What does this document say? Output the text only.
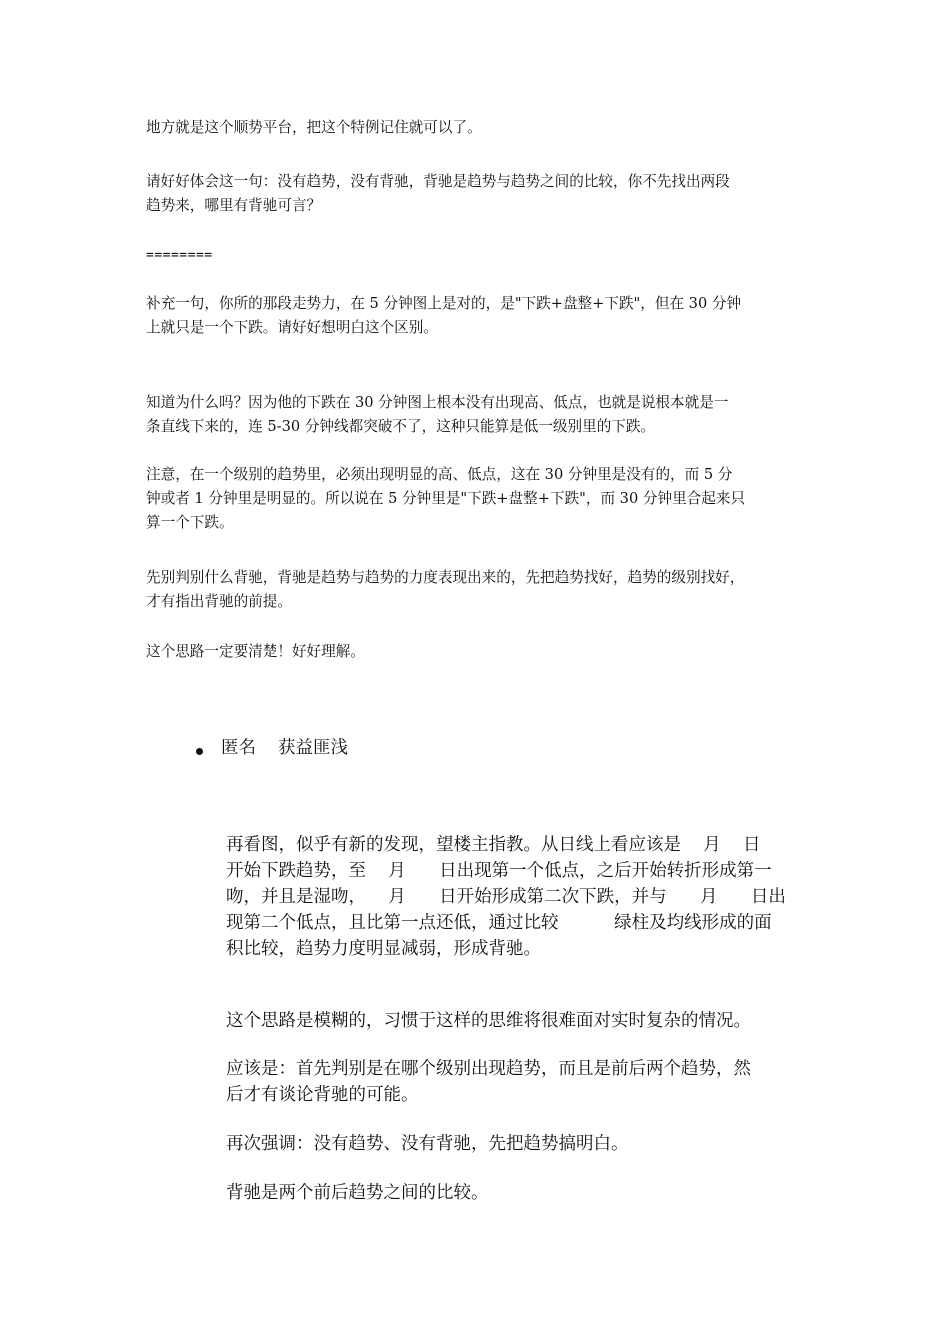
地方就是这个顺势平台，把这个特例记住就可以了。

请好好体会这一句：没有趋势，没有背驰，背驰是趋势与趋势之间的比较，你不先找出两段
趋势来，哪里有背驰可言？

========

补充一句，你所的那段走势力，在 5 分钟图上是对的，是"下跌+盘整+下跌"，但在 30 分钟
上就只是一个下跌。请好好想明白这个区别。

知道为什么吗？因为他的下跌在 30 分钟图上根本没有出现高、低点，也就是说根本就是一
条直线下来的，连 5-30 分钟线都突破不了，这种只能算是低一级别里的下跌。

注意，在一个级别的趋势里，必须出现明显的高、低点，这在 30 分钟里是没有的，而 5 分
钟或者 1 分钟里是明显的。所以说在 5 分钟里是"下跌+盘整+下跌"，而 30 分钟里合起来只
算一个下跌。

先别判别什么背驰，背驰是趋势与趋势的力度表现出来的，先把趋势找好，趋势的级别找好，
才有指出背驰的前提。

这个思路一定要清楚！好好理解。

匿名 获益匪浅

再看图，似乎有新的发现，望楼主指教。从日线上看应该是    月    日
开始下跌趋势，至    月      日出现第一个低点，之后开始转折形成第一
吻，并且是湿吻，    月      日开始形成第二次下跌，并与      月      日出
现第二个低点，且比第一点还低，通过比较          绿柱及均线形成的面
积比较，趋势力度明显减弱，形成背驰。

这个思路是模糊的，习惯于这样的思维将很难面对实时复杂的情况。

应该是：首先判别是在哪个级别出现趋势，而且是前后两个趋势，然
后才有谈论背驰的可能。

再次强调：没有趋势、没有背驰，先把趋势搞明白。

背驰是两个前后趋势之间的比较。
